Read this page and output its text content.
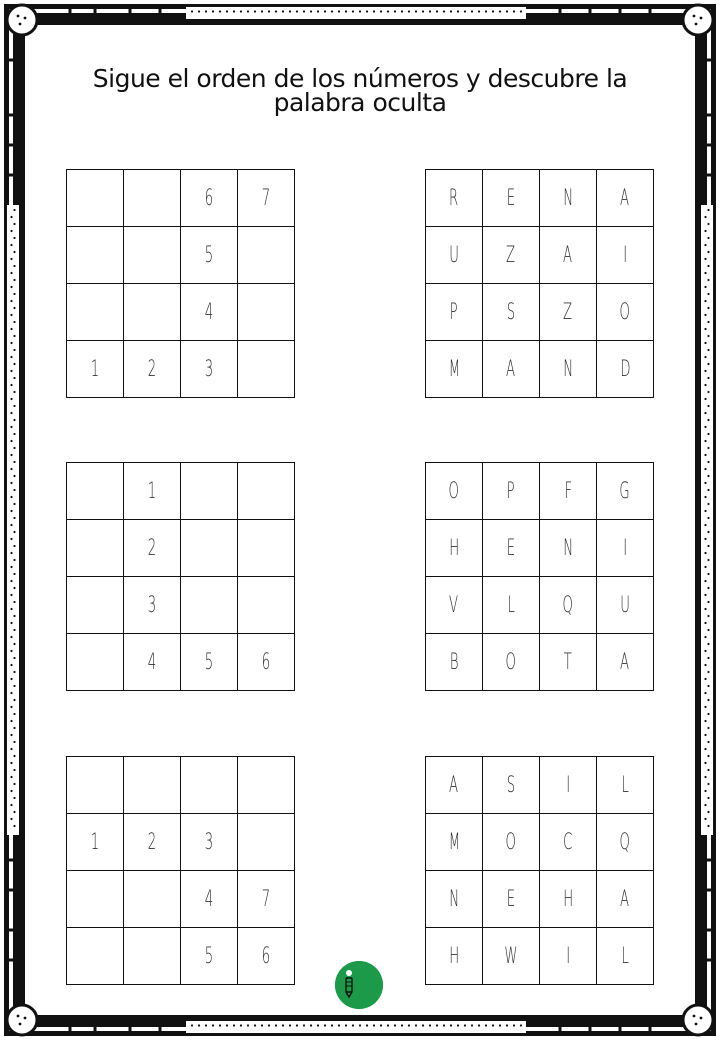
Sigue el orden de los números y descubre la
palabra oculta
6 7
5
4
1 2 3
R E N A
U Z A I
P S Z O
M A N D
1
2
3
4 5 6
O P F G
H E N I
V L Q U
B O T A
1 2 3
4 7
5 6
A S I L
M O C Q
N E H A
H W I L
